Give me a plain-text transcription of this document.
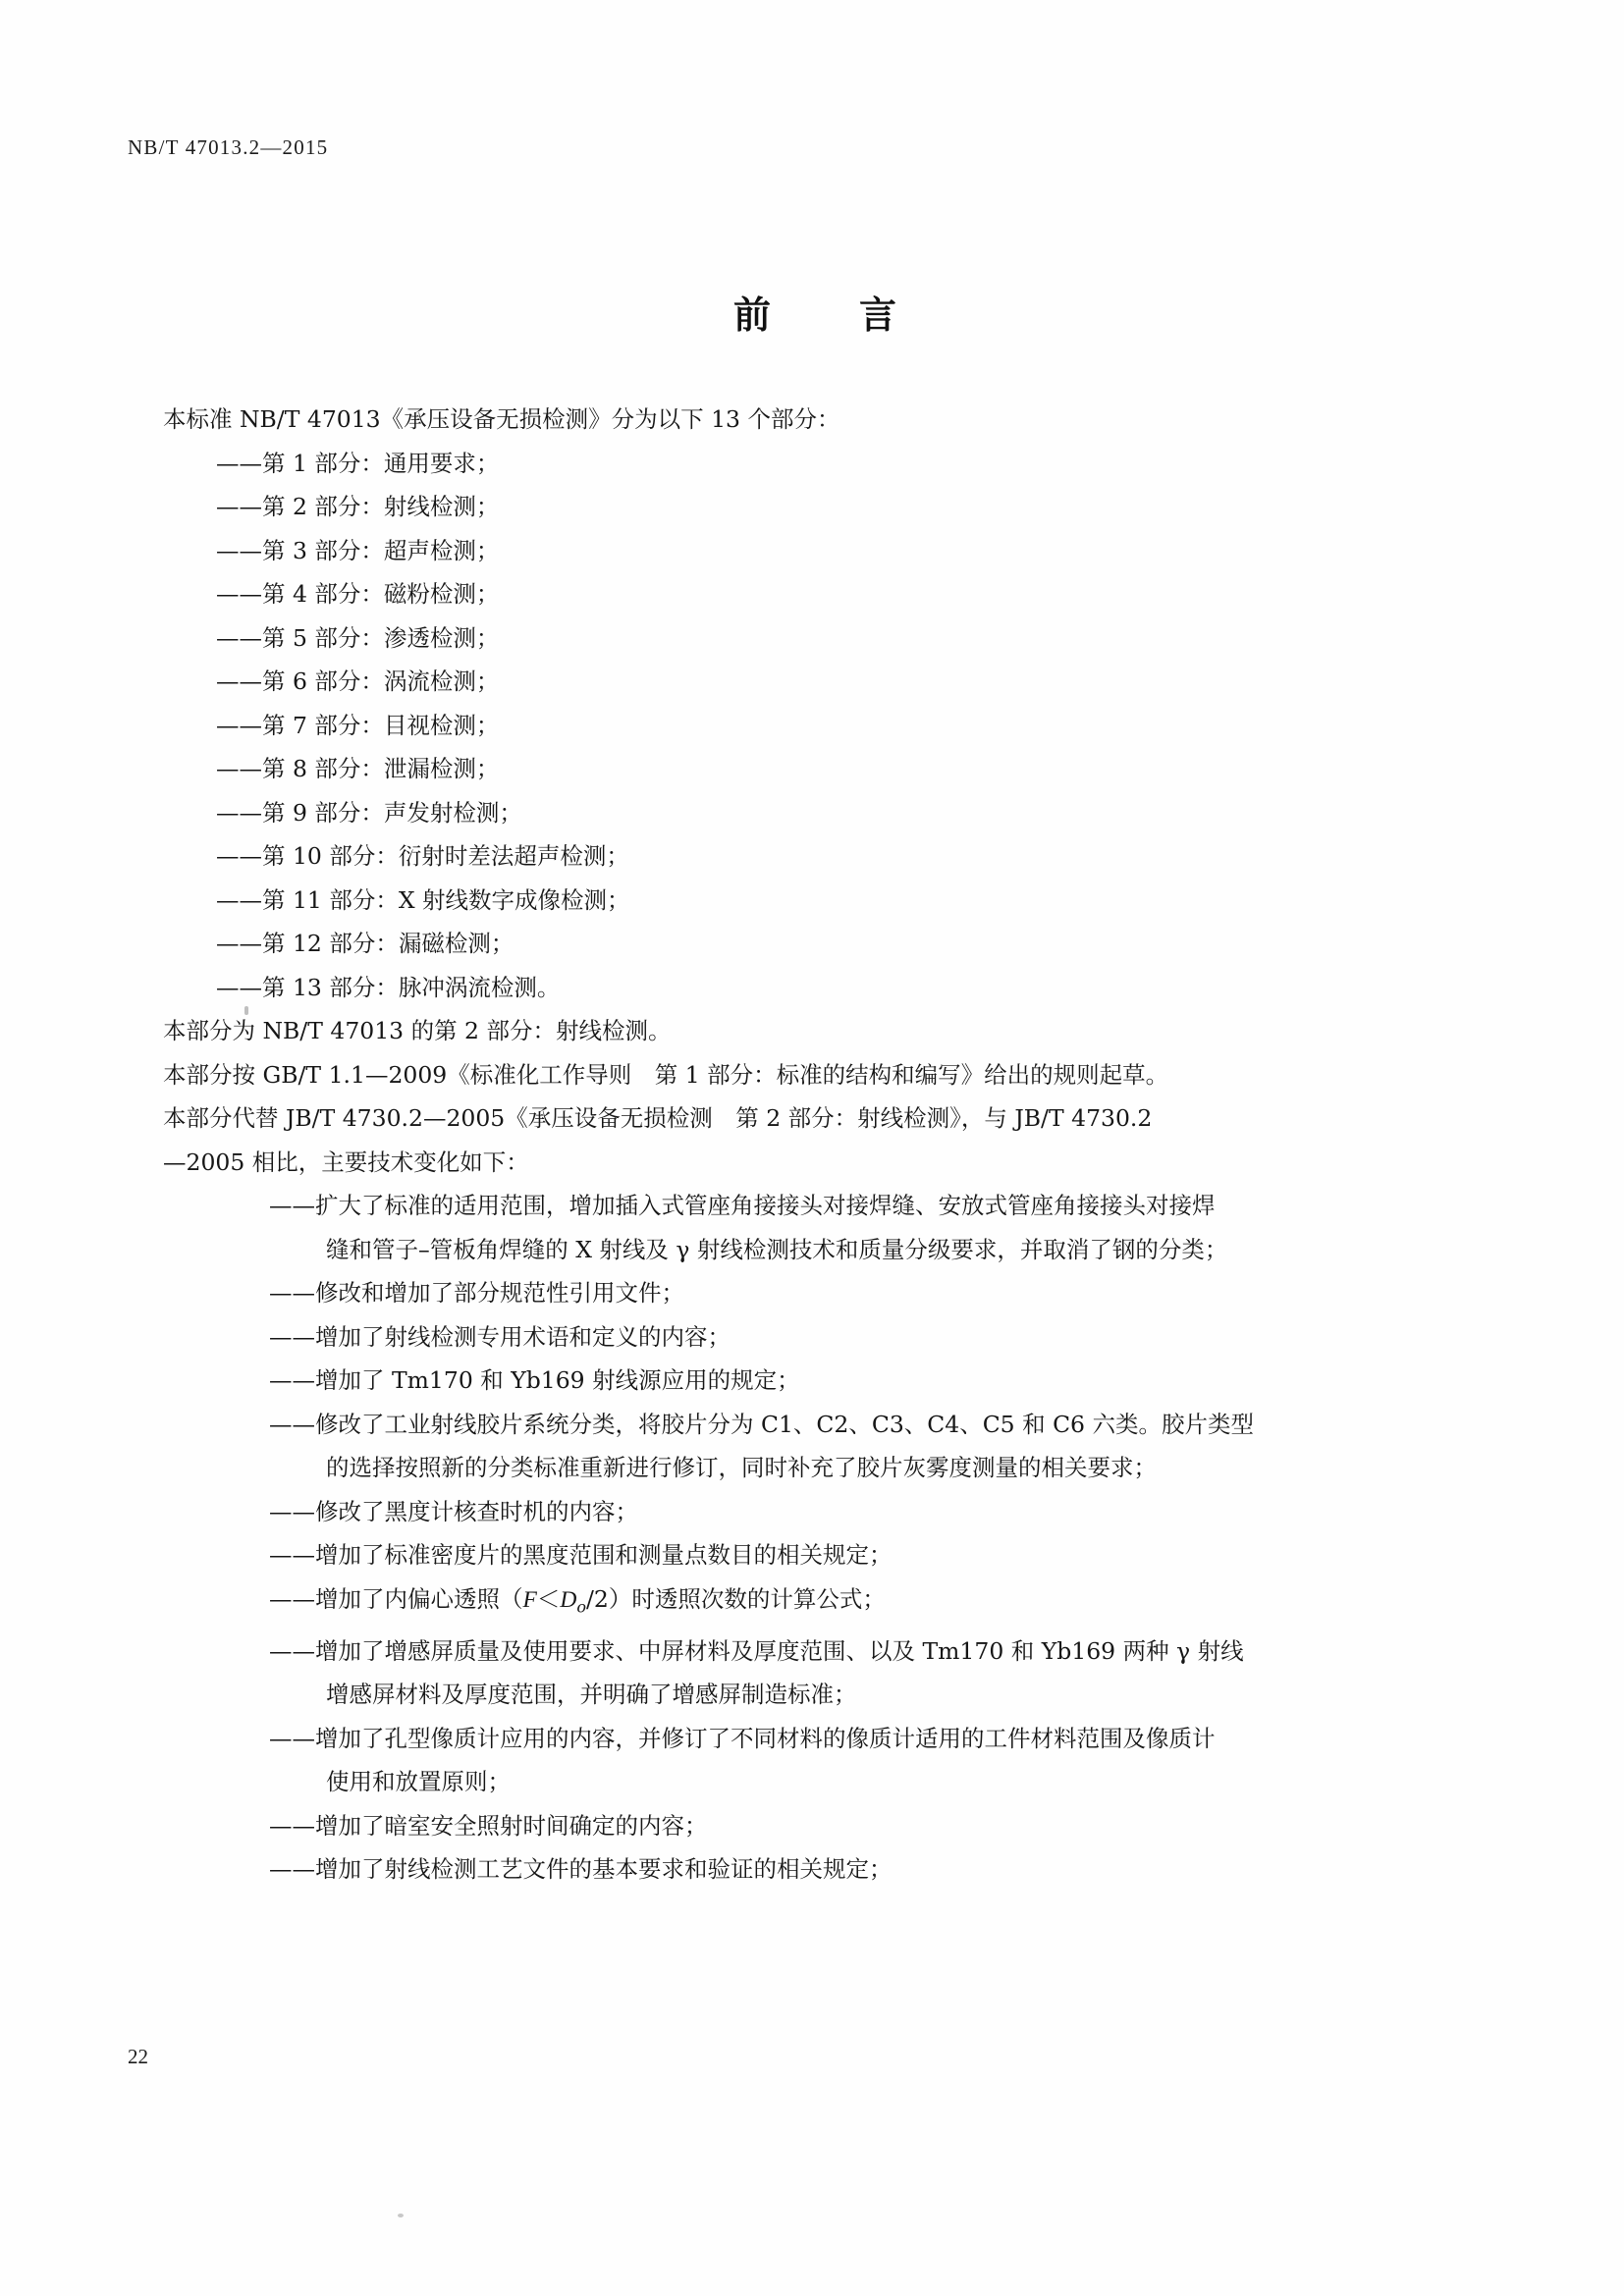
NB/T 47013.2—2015
前　言

本标准 NB/T 47013《承压设备无损检测》分为以下 13 个部分：

——第 1 部分：通用要求；

——第 2 部分：射线检测；

——第 3 部分：超声检测；

——第 4 部分：磁粉检测；

——第 5 部分：渗透检测；

——第 6 部分：涡流检测；

——第 7 部分：目视检测；

——第 8 部分：泄漏检测；

——第 9 部分：声发射检测；

——第 10 部分：衍射时差法超声检测；

——第 11 部分：X 射线数字成像检测；

——第 12 部分：漏磁检测；

——第 13 部分：脉冲涡流检测。

本部分为 NB/T 47013 的第 2 部分：射线检测。

本部分按 GB/T 1.1—2009《标准化工作导则　第 1 部分：标准的结构和编写》给出的规则起草。

本部分代替 JB/T 4730.2—2005《承压设备无损检测　第 2 部分：射线检测》，与 JB/T 4730.2

—2005 相比，主要技术变化如下：

——扩大了标准的适用范围，增加插入式管座角接接头对接焊缝、安放式管座角接接头对接焊

缝和管子–管板角焊缝的 X 射线及 γ 射线检测技术和质量分级要求，并取消了钢的分类；

——修改和增加了部分规范性引用文件；

——增加了射线检测专用术语和定义的内容；

——增加了 Tm170 和 Yb169 射线源应用的规定；

——修改了工业射线胶片系统分类，将胶片分为 C1、C2、C3、C4、C5 和 C6 六类。胶片类型

的选择按照新的分类标准重新进行修订，同时补充了胶片灰雾度测量的相关要求；

——修改了黑度计核查时机的内容；

——增加了标准密度片的黑度范围和测量点数目的相关规定；

——增加了内偏心透照$(F<D_o/2)$时透照次数的计算公式；

——增加了增感屏质量及使用要求、中屏材料及厚度范围、以及 Tm170 和 Yb169 两种 γ 射线

增感屏材料及厚度范围，并明确了增感屏制造标准；

——增加了孔型像质计应用的内容，并修订了不同材料的像质计适用的工件材料范围及像质计

使用和放置原则；

——增加了暗室安全照射时间确定的内容；

——增加了射线检测工艺文件的基本要求和验证的相关规定；

22
